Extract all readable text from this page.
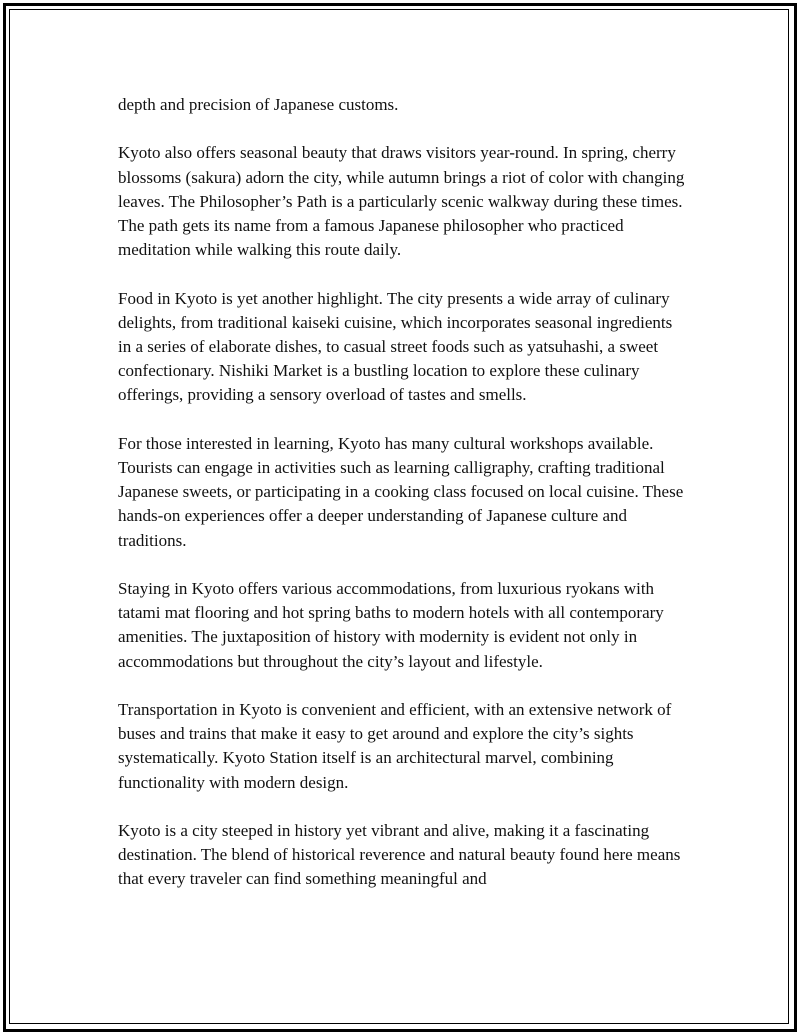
depth and precision of Japanese customs.

Kyoto also offers seasonal beauty that draws visitors year-round. In spring, cherry blossoms (sakura) adorn the city, while autumn brings a riot of color with changing leaves. The Philosopher’s Path is a particularly scenic walkway during these times. The path gets its name from a famous Japanese philosopher who practiced meditation while walking this route daily.

Food in Kyoto is yet another highlight. The city presents a wide array of culinary delights, from traditional kaiseki cuisine, which incorporates seasonal ingredients in a series of elaborate dishes, to casual street foods such as yatsuhashi, a sweet confectionary. Nishiki Market is a bustling location to explore these culinary offerings, providing a sensory overload of tastes and smells.

For those interested in learning, Kyoto has many cultural workshops available. Tourists can engage in activities such as learning calligraphy, crafting traditional Japanese sweets, or participating in a cooking class focused on local cuisine. These hands-on experiences offer a deeper understanding of Japanese culture and traditions.

Staying in Kyoto offers various accommodations, from luxurious ryokans with tatami mat flooring and hot spring baths to modern hotels with all contemporary amenities. The juxtaposition of history with modernity is evident not only in accommodations but throughout the city’s layout and lifestyle.

Transportation in Kyoto is convenient and efficient, with an extensive network of buses and trains that make it easy to get around and explore the city’s sights systematically. Kyoto Station itself is an architectural marvel, combining functionality with modern design.

Kyoto is a city steeped in history yet vibrant and alive, making it a fascinating destination. The blend of historical reverence and natural beauty found here means that every traveler can find something meaningful and
